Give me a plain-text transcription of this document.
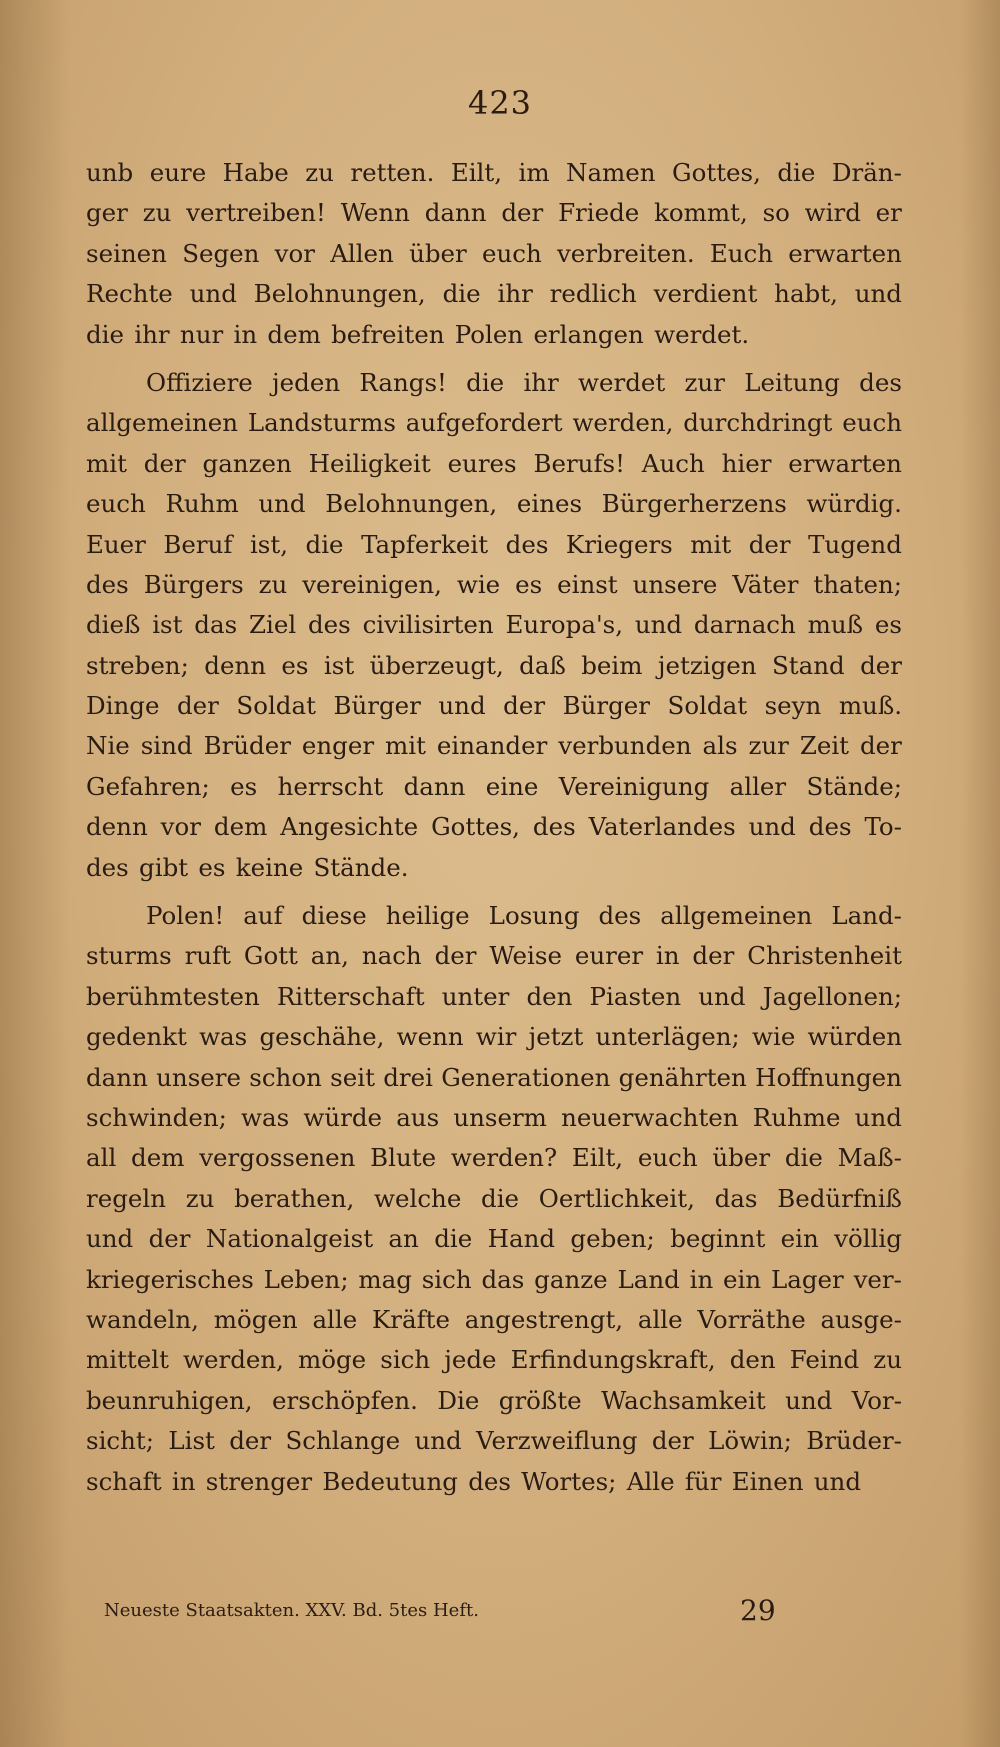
423
unb eure Habe zu retten. Eilt, im Namen Gottes, die Drän-
ger zu vertreiben! Wenn dann der Friede kommt, so wird er
seinen Segen vor Allen über euch verbreiten. Euch erwarten
Rechte und Belohnungen, die ihr redlich verdient habt, und
die ihr nur in dem befreiten Polen erlangen werdet.
Offiziere jeden Rangs! die ihr werdet zur Leitung des
allgemeinen Landsturms aufgefordert werden, durchdringt euch
mit der ganzen Heiligkeit eures Berufs! Auch hier erwarten
euch Ruhm und Belohnungen, eines Bürgerherzens würdig.
Euer Beruf ist, die Tapferkeit des Kriegers mit der Tugend
des Bürgers zu vereinigen, wie es einst unsere Väter thaten;
dieß ist das Ziel des civilisirten Europa's, und darnach muß es
streben; denn es ist überzeugt, daß beim jetzigen Stand der
Dinge der Soldat Bürger und der Bürger Soldat seyn muß.
Nie sind Brüder enger mit einander verbunden als zur Zeit der
Gefahren; es herrscht dann eine Vereinigung aller Stände;
denn vor dem Angesichte Gottes, des Vaterlandes und des To-
des gibt es keine Stände.
Polen! auf diese heilige Losung des allgemeinen Land-
sturms ruft Gott an, nach der Weise eurer in der Christenheit
berühmtesten Ritterschaft unter den Piasten und Jagellonen;
gedenkt was geschähe, wenn wir jetzt unterlägen; wie würden
dann unsere schon seit drei Generationen genährten Hoffnungen
schwinden; was würde aus unserm neuerwachten Ruhme und
all dem vergossenen Blute werden? Eilt, euch über die Maß-
regeln zu berathen, welche die Oertlichkeit, das Bedürfniß
und der Nationalgeist an die Hand geben; beginnt ein völlig
kriegerisches Leben; mag sich das ganze Land in ein Lager ver-
wandeln, mögen alle Kräfte angestrengt, alle Vorräthe ausge-
mittelt werden, möge sich jede Erfindungskraft, den Feind zu
beunruhigen, erschöpfen. Die größte Wachsamkeit und Vor-
sicht; List der Schlange und Verzweiflung der Löwin; Brüder-
schaft in strenger Bedeutung des Wortes; Alle für Einen und
Neueste Staatsakten. XXV. Bd. 5tes Heft.	29
